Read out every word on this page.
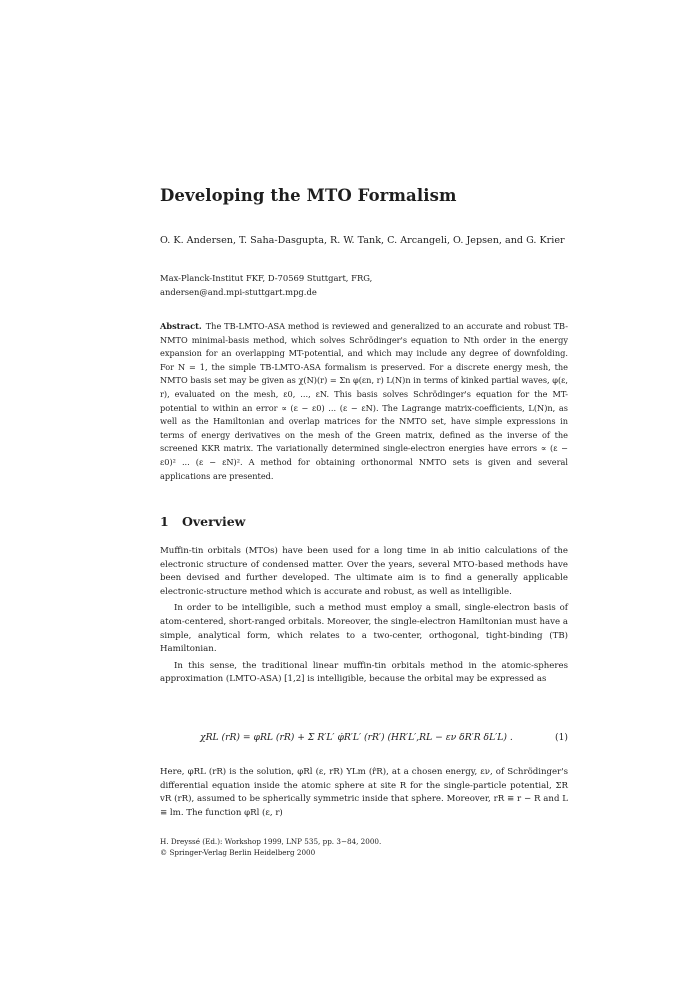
Developing the MTO Formalism
O. K. Andersen, T. Saha-Dasgupta, R. W. Tank, C. Arcangeli, O. Jepsen, and G. Krier
Max-Planck-Institut FKF, D-70569 Stuttgart, FRG,
andersen@and.mpi-stuttgart.mpg.de
Abstract. The TB-LMTO-ASA method is reviewed and generalized to an accurate and robust TB-NMTO minimal-basis method, which solves Schrödinger's equation to Nth order in the energy expansion for an overlapping MT-potential, and which may include any degree of downfolding. For N = 1, the simple TB-LMTO-ASA formalism is preserved. For a discrete energy mesh, the NMTO basis set may be given as χ(N)(r) = Σn φ(εn, r) L(N)n in terms of kinked partial waves, φ(ε, r), evaluated on the mesh, ε0, ..., εN. This basis solves Schrödinger's equation for the MT-potential to within an error ∝ (ε − ε0) ... (ε − εN). The Lagrange matrix-coefficients, L(N)n, as well as the Hamiltonian and overlap matrices for the NMTO set, have simple expressions in terms of energy derivatives on the mesh of the Green matrix, defined as the inverse of the screened KKR matrix. The variationally determined single-electron energies have errors ∝ (ε − ε0)² ... (ε − εN)². A method for obtaining orthonormal NMTO sets is given and several applications are presented.
1 Overview

Muffin-tin orbitals (MTOs) have been used for a long time in ab initio calculations of the electronic structure of condensed matter. Over the years, several MTO-based methods have been devised and further developed. The ultimate aim is to find a generally applicable electronic-structure method which is accurate and robust, as well as intelligible.

In order to be intelligible, such a method must employ a small, single-electron basis of atom-centered, short-ranged orbitals. Moreover, the single-electron Hamiltonian must have a simple, analytical form, which relates to a two-center, orthogonal, tight-binding (TB) Hamiltonian.

In this sense, the traditional linear muffin-tin orbitals method in the atomic-spheres approximation (LMTO-ASA) [1,2] is intelligible, because the orbital may be expressed as

χRL (rR) = φRL (rR) + Σ R′L′ φ̇R′L′ (rR′) (HR′L′,RL − εν δR′R δL′L) .	(1)

Here, φRL (rR) is the solution, φRl (ε, rR) YLm (r̂R), at a chosen energy, εν, of Schrödinger's differential equation inside the atomic sphere at site R for the single-particle potential, ΣR vR (rR), assumed to be spherically symmetric inside that sphere. Moreover, rR ≡ r − R and L ≡ lm. The function φRl (ε, r)

H. Dreyssé (Ed.): Workshop 1999, LNP 535, pp. 3−84, 2000.
© Springer-Verlag Berlin Heidelberg 2000
